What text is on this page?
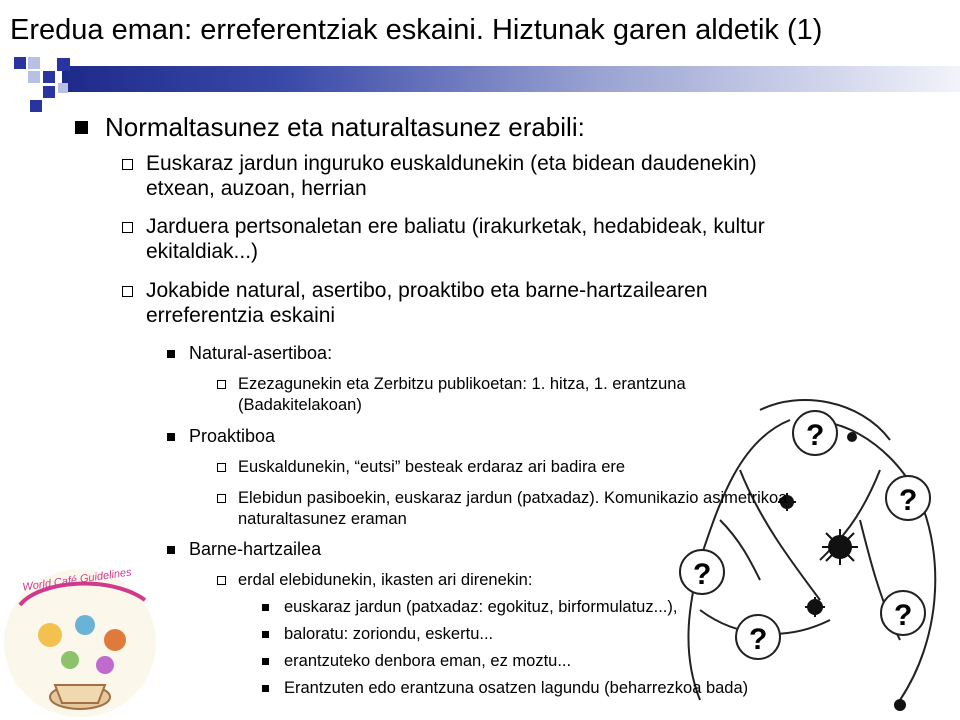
Eredua eman: erreferentziak eskaini. Hiztunak garen aldetik (1)
?
?
?
?
?
World Café Guidelines
Normaltasunez eta naturaltasunez erabili:
Euskaraz jardun inguruko euskaldunekin (eta bidean daudenekin)
etxean, auzoan, herrian
Jarduera pertsonaletan ere baliatu (irakurketak, hedabideak, kultur
ekitaldiak...)
Jokabide natural, asertibo, proaktibo eta barne-hartzailearen
erreferentzia eskaini
Natural-asertiboa:
Ezezagunekin eta Zerbitzu publikoetan: 1. hitza, 1. erantzuna
(Badakitelakoan)
Proaktiboa
Euskaldunekin, “eutsi” besteak erdaraz ari badira ere
Elebidun pasiboekin, euskaraz jardun (patxadaz). Komunikazio asimetrikoa
naturaltasunez eraman
Barne-hartzailea
erdal elebidunekin, ikasten ari direnekin:
euskaraz jardun (patxadaz: egokituz, birformulatuz...),
baloratu: zoriondu, eskertu...
erantzuteko denbora eman, ez moztu...
Erantzuten edo erantzuna osatzen lagundu (beharrezkoa bada)
